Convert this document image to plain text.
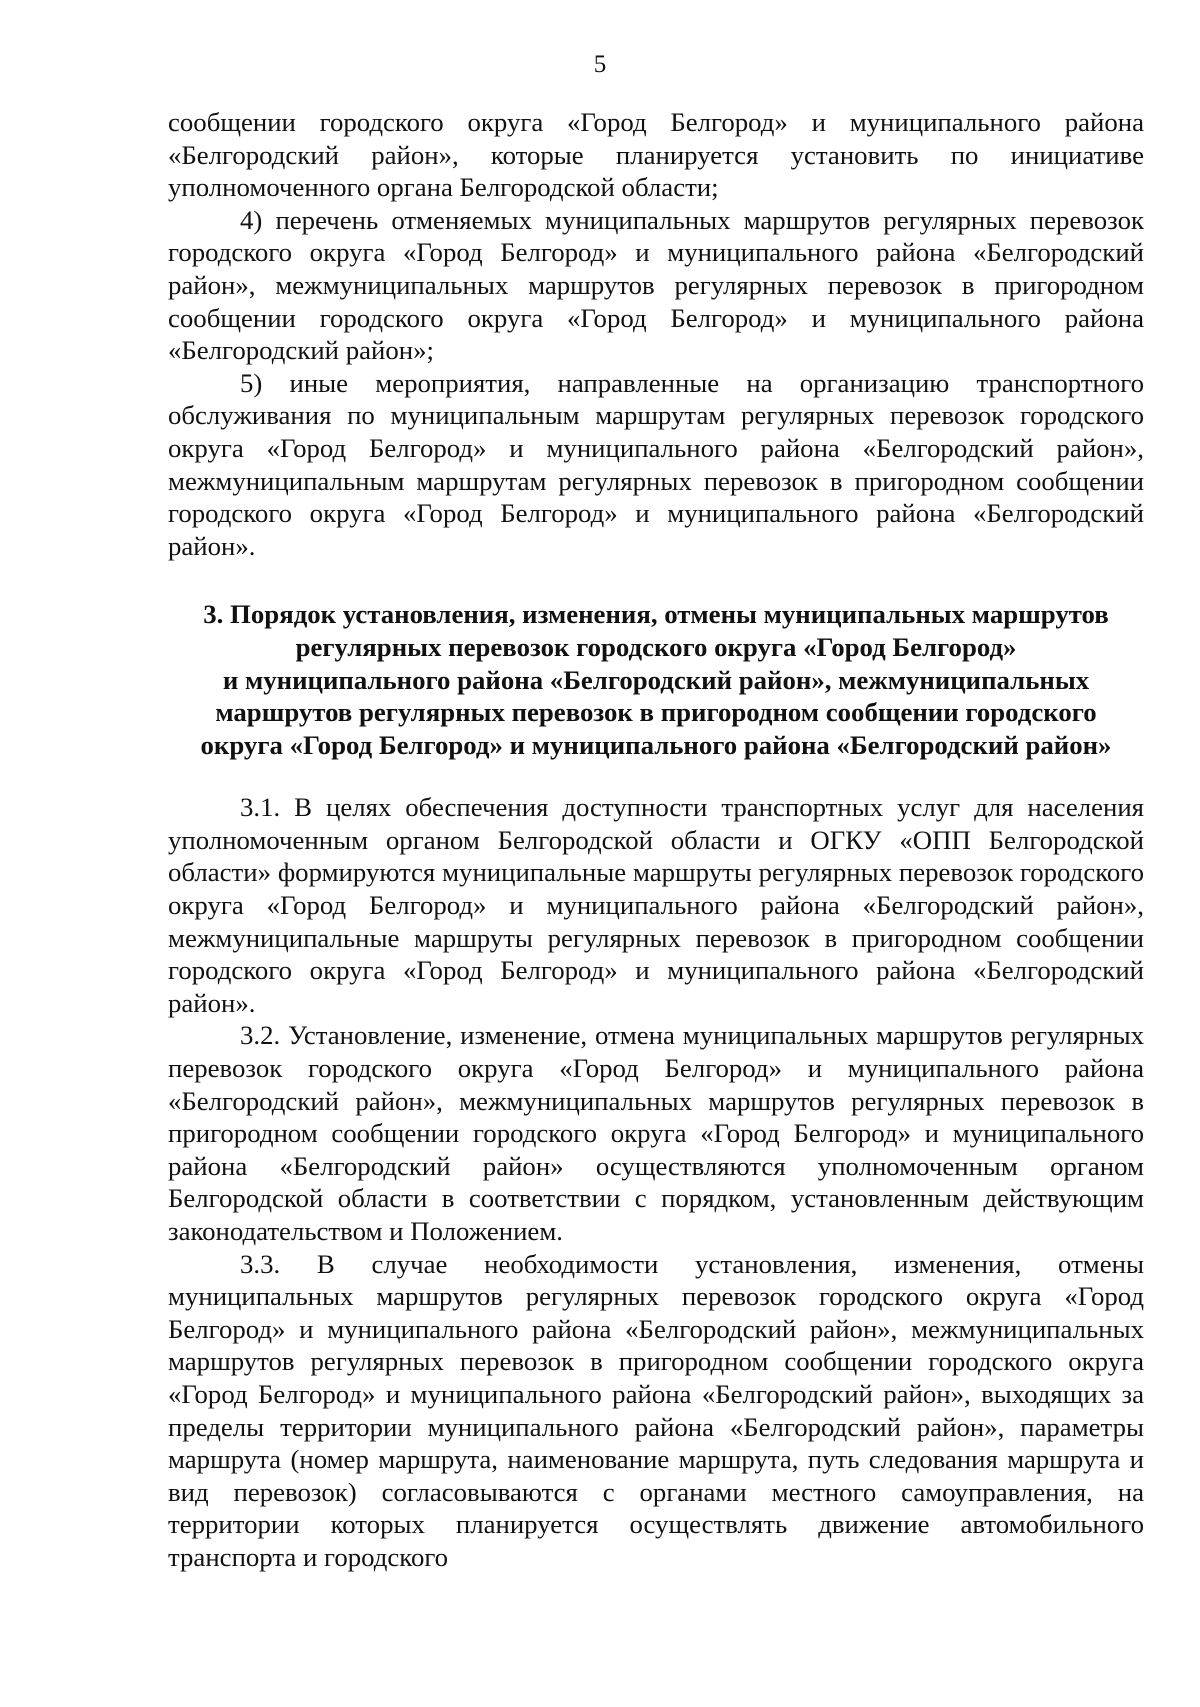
5

сообщении городского округа «Город Белгород» и муниципального района «Белгородский район», которые планируется установить по инициативе уполномоченного органа Белгородской области;

4) перечень отменяемых муниципальных маршрутов регулярных перевозок городского округа «Город Белгород» и муниципального района «Белгородский район», межмуниципальных маршрутов регулярных перевозок в пригородном сообщении городского округа «Город Белгород» и муниципального района «Белгородский район»;

5) иные мероприятия, направленные на организацию транспортного обслуживания по муниципальным маршрутам регулярных перевозок городского округа «Город Белгород» и муниципального района «Белгородский район», межмуниципальным маршрутам регулярных перевозок в пригородном сообщении городского округа «Город Белгород» и муниципального района «Белгородский район».

3. Порядок установления, изменения, отмены муниципальных маршрутов
регулярных перевозок городского округа «Город Белгород»
и муниципального района «Белгородский район», межмуниципальных
маршрутов регулярных перевозок в пригородном сообщении городского
округа «Город Белгород» и муниципального района «Белгородский район»

3.1. В целях обеспечения доступности транспортных услуг для населения уполномоченным органом Белгородской области и ОГКУ «ОПП Белгородской области» формируются муниципальные маршруты регулярных перевозок городского округа «Город Белгород» и муниципального района «Белгородский район», межмуниципальные маршруты регулярных перевозок в пригородном сообщении городского округа «Город Белгород» и муниципального района «Белгородский район».

3.2. Установление, изменение, отмена муниципальных маршрутов регулярных перевозок городского округа «Город Белгород» и муниципального района «Белгородский район», межмуниципальных маршрутов регулярных перевозок в пригородном сообщении городского округа «Город Белгород» и муниципального района «Белгородский район» осуществляются уполномоченным органом Белгородской области в соответствии с порядком, установленным действующим законодательством и Положением.

3.3. В случае необходимости установления, изменения, отмены муниципальных маршрутов регулярных перевозок городского округа «Город Белгород» и муниципального района «Белгородский район», межмуниципальных маршрутов регулярных перевозок в пригородном сообщении городского округа «Город Белгород» и муниципального района «Белгородский район», выходящих за пределы территории муниципального района «Белгородский район», параметры маршрута (номер маршрута, наименование маршрута, путь следования маршрута и вид перевозок) согласовываются с органами местного самоуправления, на территории которых планируется осуществлять движение автомобильного транспорта и городского
